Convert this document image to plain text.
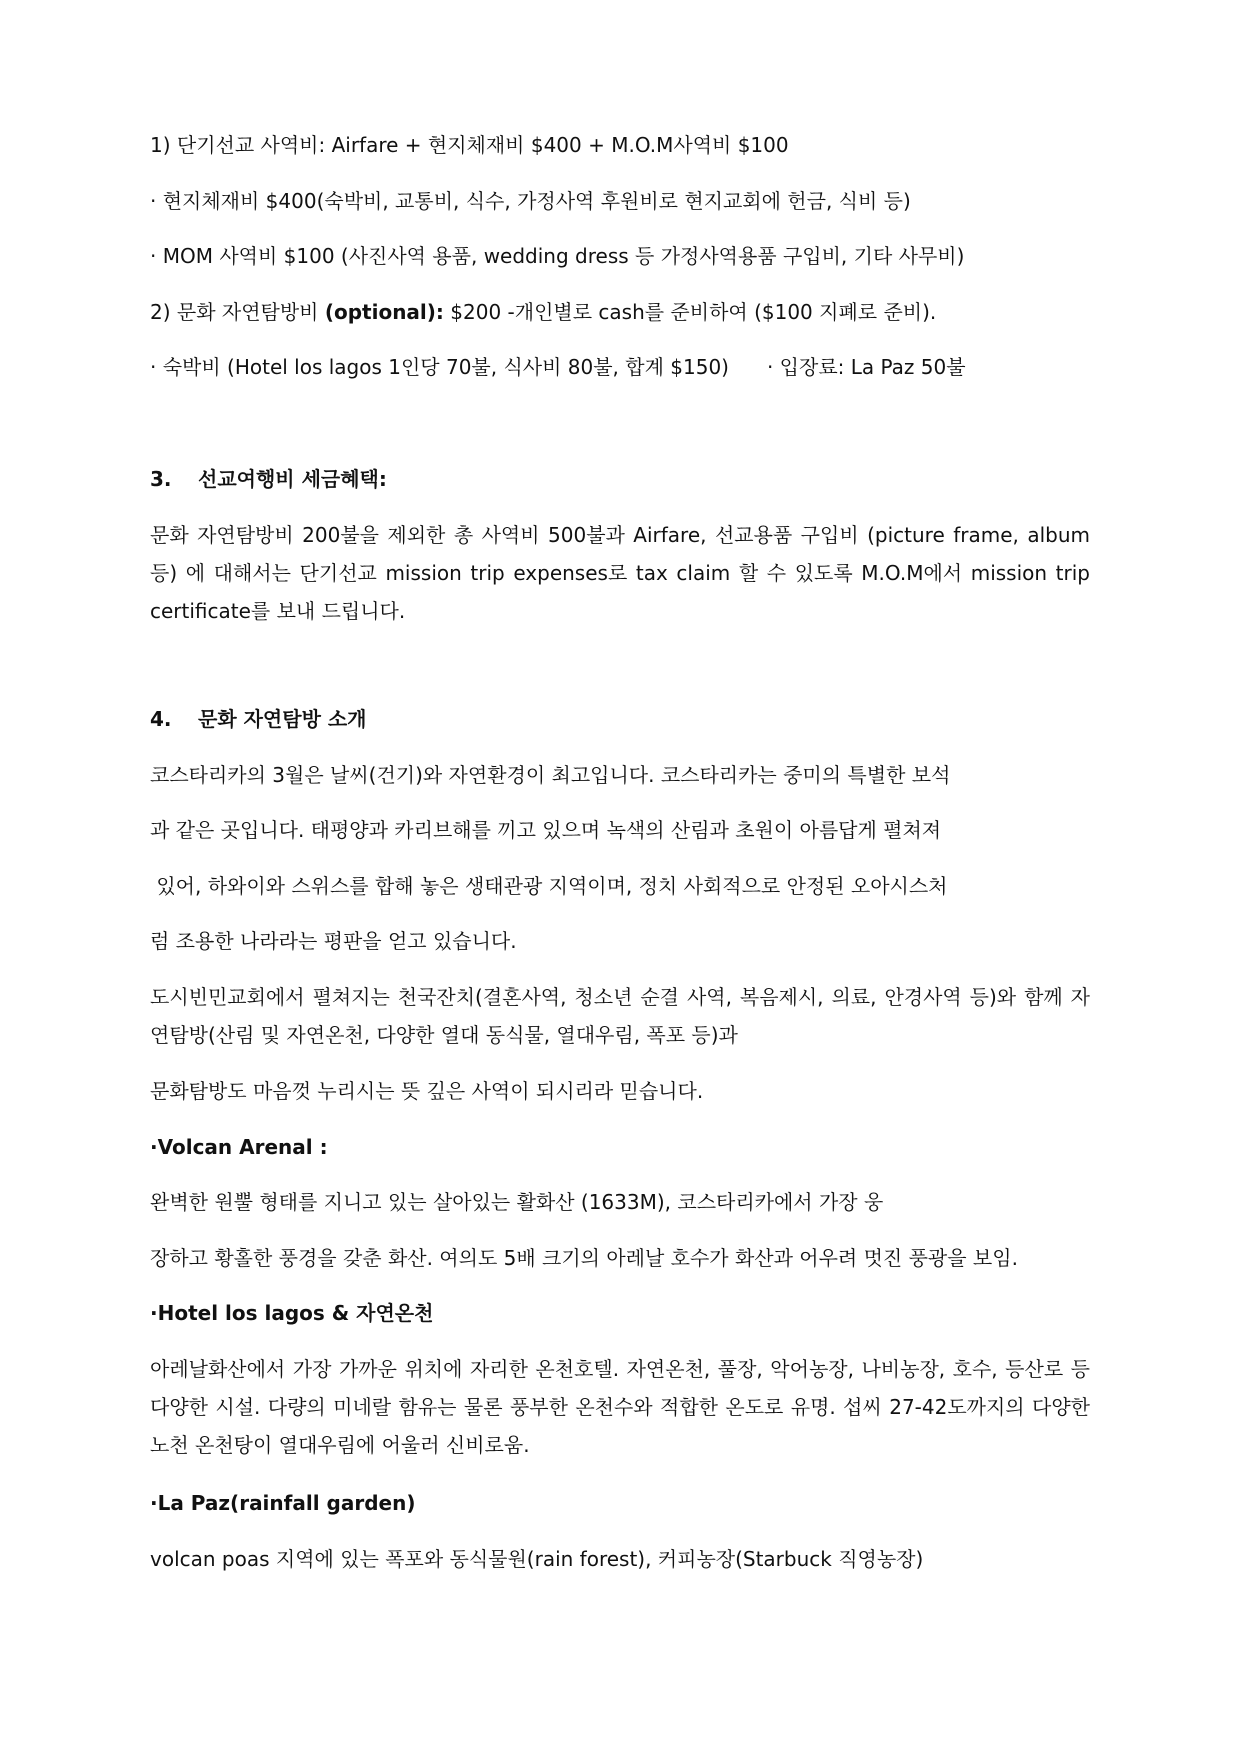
1) 단기선교 사역비: Airfare + 현지체재비 $400 + M.O.M사역비 $100
· 현지체재비 $400(숙박비, 교통비, 식수, 가정사역 후원비로 현지교회에 헌금, 식비 등)
· MOM 사역비 $100 (사진사역 용품, wedding dress 등 가정사역용품 구입비, 기타 사무비)
2) 문화 자연탐방비 (optional): $200 -개인별로 cash를 준비하여 ($100 지폐로 준비).
· 숙박비 (Hotel los lagos 1인당 70불, 식사비 80불, 합계 $150) · 입장료: La Paz 50불
3. 선교여행비 세금혜택:
문화 자연탐방비 200불을 제외한 총 사역비 500불과 Airfare, 선교용품 구입비 (picture frame, album 등) 에 대해서는 단기선교 mission trip expenses로 tax claim 할 수 있도록 M.O.M에서 mission trip certificate를 보내 드립니다.
4. 문화 자연탐방 소개
코스타리카의 3월은 날씨(건기)와 자연환경이 최고입니다. 코스타리카는 중미의 특별한 보석
과 같은 곳입니다. 태평양과 카리브해를 끼고 있으며 녹색의 산림과 초원이 아름답게 펼쳐져
있어, 하와이와 스위스를 합해 놓은 생태관광 지역이며, 정치 사회적으로 안정된 오아시스처
럼 조용한 나라라는 평판을 얻고 있습니다.
도시빈민교회에서 펼쳐지는 천국잔치(결혼사역, 청소년 순결 사역, 복음제시, 의료, 안경사역 등)와 함께 자연탐방(산림 및 자연온천, 다양한 열대 동식물, 열대우림, 폭포 등)과
문화탐방도 마음껏 누리시는 뜻 깊은 사역이 되시리라 믿습니다.
·Volcan Arenal :
완벽한 원뿔 형태를 지니고 있는 살아있는 활화산 (1633M), 코스타리카에서 가장 웅
장하고 황홀한 풍경을 갖춘 화산. 여의도 5배 크기의 아레날 호수가 화산과 어우려 멋진 풍광을 보임.
·Hotel los lagos & 자연온천
아레날화산에서 가장 가까운 위치에 자리한 온천호텔. 자연온천, 풀장, 악어농장, 나비농장, 호수, 등산로 등 다양한 시설. 다량의 미네랄 함유는 물론 풍부한 온천수와 적합한 온도로 유명. 섭씨 27-42도까지의 다양한 노천 온천탕이 열대우림에 어울러 신비로움.
·La Paz(rainfall garden)
volcan poas 지역에 있는 폭포와 동식물원(rain forest), 커피농장(Starbuck 직영농장)
